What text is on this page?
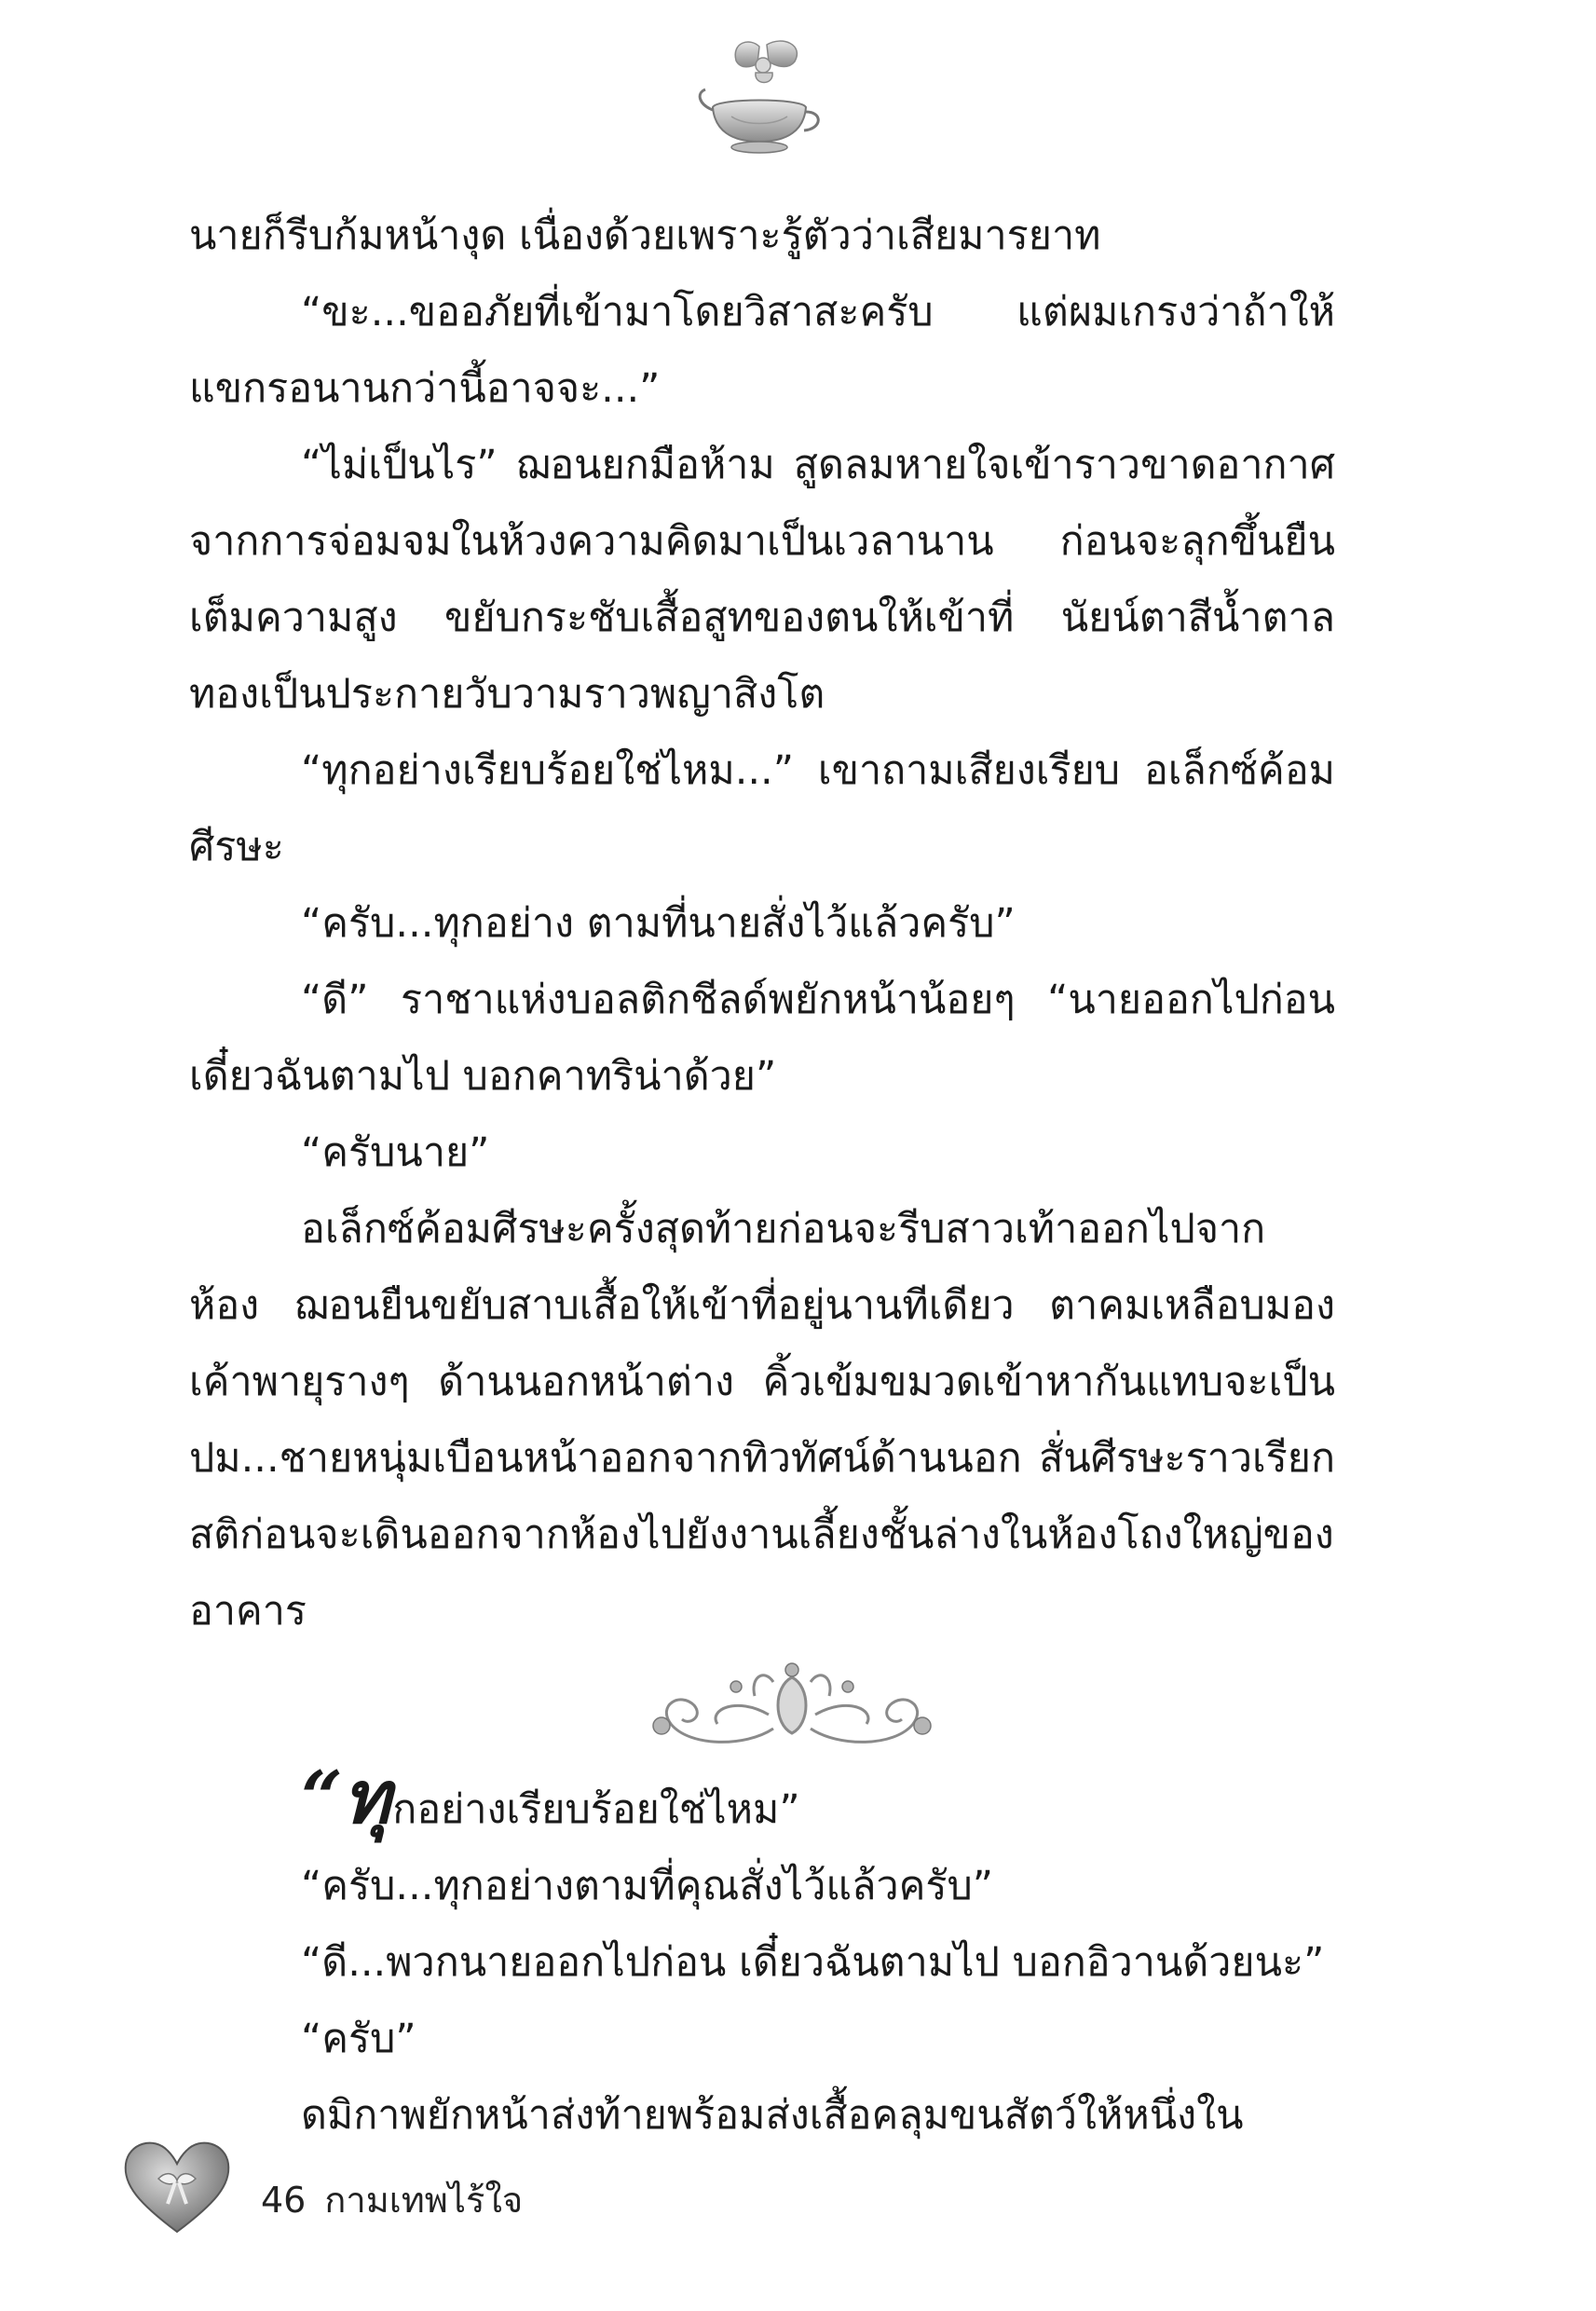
นายก็รีบก้มหน้างุด เนื่องด้วยเพราะรู้ตัวว่าเสียมารยาท

“ขะ...ขออภัยที่เข้ามาโดยวิสาสะครับ แต่ผมเกรงว่าถ้าให้แขกรอนานกว่านี้อาจจะ...”

“ไม่เป็นไร” ฌอนยกมือห้าม สูดลมหายใจเข้าราวขาดอากาศจากการจ่อมจมในห้วงความคิดมาเป็นเวลานาน ก่อนจะลุกขึ้นยืนเต็มความสูง ขยับกระชับเสื้อสูทของตนให้เข้าที่ นัยน์ตาสีน้ำตาลทองเป็นประกายวับวามราวพญาสิงโต

“ทุกอย่างเรียบร้อยใช่ไหม...” เขาถามเสียงเรียบ อเล็กซ์ค้อมศีรษะ

“ครับ...ทุกอย่าง ตามที่นายสั่งไว้แล้วครับ”

“ดี” ราชาแห่งบอลติกชีลด์พยักหน้าน้อยๆ “นายออกไปก่อนเดี๋ยวฉันตามไป บอกคาทริน่าด้วย”

“ครับนาย”

อเล็กซ์ค้อมศีรษะครั้งสุดท้ายก่อนจะรีบสาวเท้าออกไปจากห้อง ฌอนยืนขยับสาบเสื้อให้เข้าที่อยู่นานทีเดียว ตาคมเหลือบมองเค้าพายุรางๆ ด้านนอกหน้าต่าง คิ้วเข้มขมวดเข้าหากันแทบจะเป็นปม...ชายหนุ่มเบือนหน้าออกจากทิวทัศน์ด้านนอก สั่นศีรษะราวเรียกสติก่อนจะเดินออกจากห้องไปยังงานเลี้ยงชั้นล่างในห้องโถงใหญ่ของอาคาร

“ทุกอย่างเรียบร้อยใช่ไหม”

“ครับ...ทุกอย่างตามที่คุณสั่งไว้แล้วครับ”

“ดี...พวกนายออกไปก่อน เดี๋ยวฉันตามไป บอกอิวานด้วยนะ”

“ครับ”

ดมิกาพยักหน้าส่งท้ายพร้อมส่งเสื้อคลุมขนสัตว์ให้หนึ่งใน

46 กามเทพไร้ใจ
